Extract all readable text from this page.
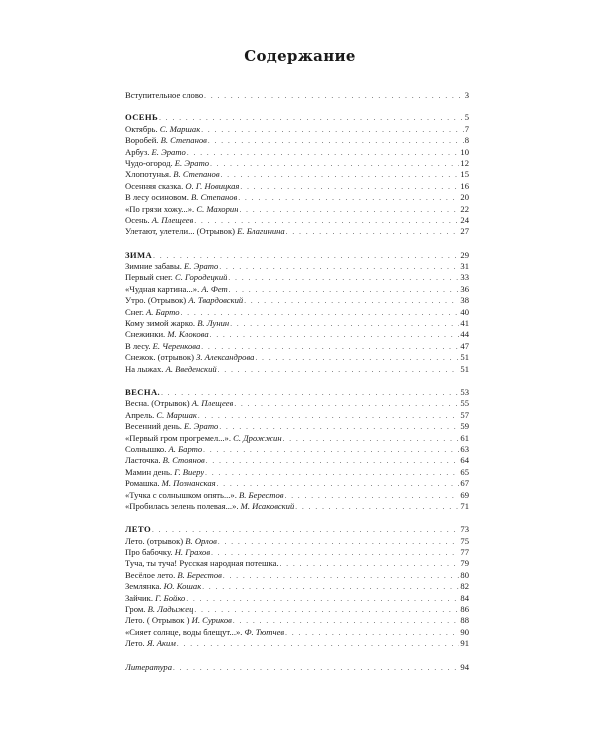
Содержание
Вступительное слово . . .	3
ОСЕНЬ . . .	5
Октябрь. С. Маршак . . .	7
Воробей. В. Степанов . . .	8
Арбуз. Е. Эрато . . .	10
Чудо-огород. Е. Эрато . . .	12
Хлопотунья. В. Степанов . . .	15
Осенняя сказка. О. Г. Новицкая . . .	16
В лесу осиновом. В. Степанов . . .	20
«По грязи хожу...». С. Махорин . . .	22
Осень. А. Плещеев . . .	24
Улетают, улетели... (Отрывок) Е. Благинина . . .	27
ЗИМА . . .	29
Зимние забавы. Е. Эрато . . .	31
Первый снег. С. Городецкий . . .	33
«Чудная картина...». А. Фет . . .	36
Утро. (Отрывок) А. Твардовский . . .	38
Снег. А. Барто . . .	40
Кому зимой жарко. В. Лунин . . .	41
Снежинки. М. Клокова . . .	44
В лесу. Е. Черенкова . . .	47
Снежок. (отрывок) З. Александрова . . .	51
На лыжах. А. Введенский . . .	51
ВЕСНА. . . .	53
Весна. (Отрывок) А. Плещеев . . .	55
Апрель. С. Маршак . . .	57
Весенний день. Е. Эрато . . .	59
«Первый гром прогремел...». С. Дрожжин . . .	61
Солнышко. А. Барто . . .	63
Ласточка. В. Стоянов . . .	64
Мамин день. Г. Виеру . . .	65
Ромашка. М. Познанская . . .	67
«Тучка с солнышком опять...». В. Берестов . . .	69
«Пробилась зелень полевая...». М. Исаковский . . .	71
ЛЕТО . . .	73
Лето. (отрывок) В. Орлов . . .	75
Про бабочку. Н. Грахов . . .	77
Туча, ты туча! Русская народная потешка. . . .	79
Весёлое лето. В. Берестов . . .	80
Землянка. Ю. Кошак . . .	82
Зайчик. Г. Бойко . . .	84
Гром. В. Ладыжец . . .	86
Лето. ( Отрывок ) И. Суриков . . .	88
«Сияет солнце, воды блещут...». Ф. Тютчев . . .	90
Лето. Я. Аким . . .	91
Литература . . .	94
